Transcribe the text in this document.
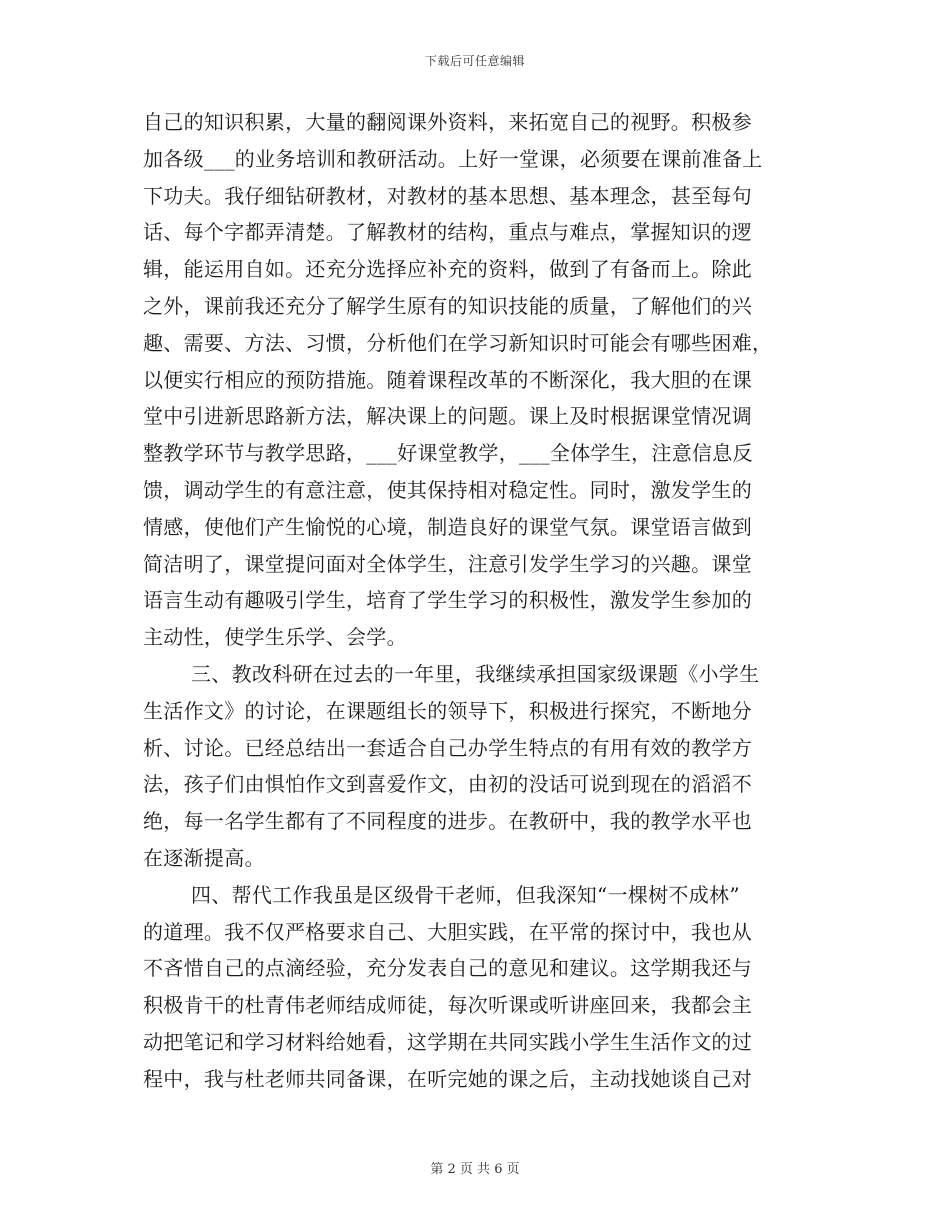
下载后可任意编辑
自己的知识积累，大量的翻阅课外资料，来拓宽自己的视野。积极参
加各级___的业务培训和教研活动。上好一堂课，必须要在课前准备上
下功夫。我仔细钻研教材，对教材的基本思想、基本理念，甚至每句
话、每个字都弄清楚。了解教材的结构，重点与难点，掌握知识的逻
辑，能运用自如。还充分选择应补充的资料，做到了有备而上。除此
之外，课前我还充分了解学生原有的知识技能的质量，了解他们的兴
趣、需要、方法、习惯，分析他们在学习新知识时可能会有哪些困难，
以便实行相应的预防措施。随着课程改革的不断深化，我大胆的在课
堂中引进新思路新方法，解决课上的问题。课上及时根据课堂情况调
整教学环节与教学思路，___好课堂教学，___全体学生，注意信息反
馈，调动学生的有意注意，使其保持相对稳定性。同时，激发学生的
情感，使他们产生愉悦的心境，制造良好的课堂气氛。课堂语言做到
简洁明了，课堂提问面对全体学生，注意引发学生学习的兴趣。课堂
语言生动有趣吸引学生，培育了学生学习的积极性，激发学生参加的
主动性，使学生乐学、会学。
三、教改科研在过去的一年里，我继续承担国家级课题《小学生
生活作文》的讨论，在课题组长的领导下，积极进行探究，不断地分
析、讨论。已经总结出一套适合自己办学生特点的有用有效的教学方
法，孩子们由惧怕作文到喜爱作文，由初的没话可说到现在的滔滔不
绝，每一名学生都有了不同程度的进步。在教研中，我的教学水平也
在逐渐提高。
四、帮代工作我虽是区级骨干老师，但我深知“一棵树不成林”
的道理。我不仅严格要求自己、大胆实践，在平常的探讨中，我也从
不吝惜自己的点滴经验，充分发表自己的意见和建议。这学期我还与
积极肯干的杜青伟老师结成师徒，每次听课或听讲座回来，我都会主
动把笔记和学习材料给她看，这学期在共同实践小学生生活作文的过
程中，我与杜老师共同备课，在听完她的课之后，主动找她谈自己对
第 2 页 共 6 页
